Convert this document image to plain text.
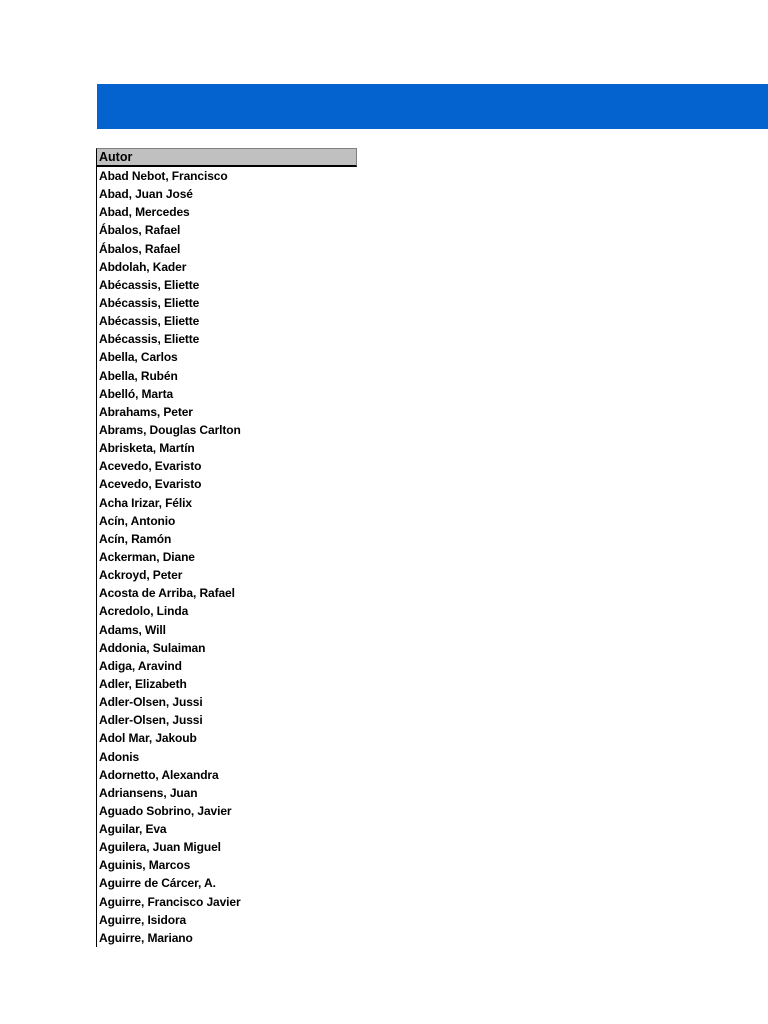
Autor
Abad Nebot, Francisco
Abad, Juan José
Abad, Mercedes
Ábalos, Rafael
Ábalos, Rafael
Abdolah, Kader
Abécassis, Eliette
Abécassis, Eliette
Abécassis, Eliette
Abécassis, Eliette
Abella, Carlos
Abella, Rubén
Abelló, Marta
Abrahams, Peter
Abrams, Douglas Carlton
Abrisketa, Martín
Acevedo, Evaristo
Acevedo, Evaristo
Acha Irizar, Félix
Acín, Antonio
Acín, Ramón
Ackerman, Diane
Ackroyd, Peter
Acosta de Arriba, Rafael
Acredolo, Linda
Adams, Will
Addonia, Sulaiman
Adiga, Aravind
Adler, Elizabeth
Adler-Olsen, Jussi
Adler-Olsen, Jussi
Adol Mar, Jakoub
Adonis
Adornetto, Alexandra
Adriansens, Juan
Aguado Sobrino, Javier
Aguilar, Eva
Aguilera, Juan Miguel
Aguinis, Marcos
Aguirre de Cárcer, A.
Aguirre, Francisco Javier
Aguirre, Isidora
Aguirre, Mariano
